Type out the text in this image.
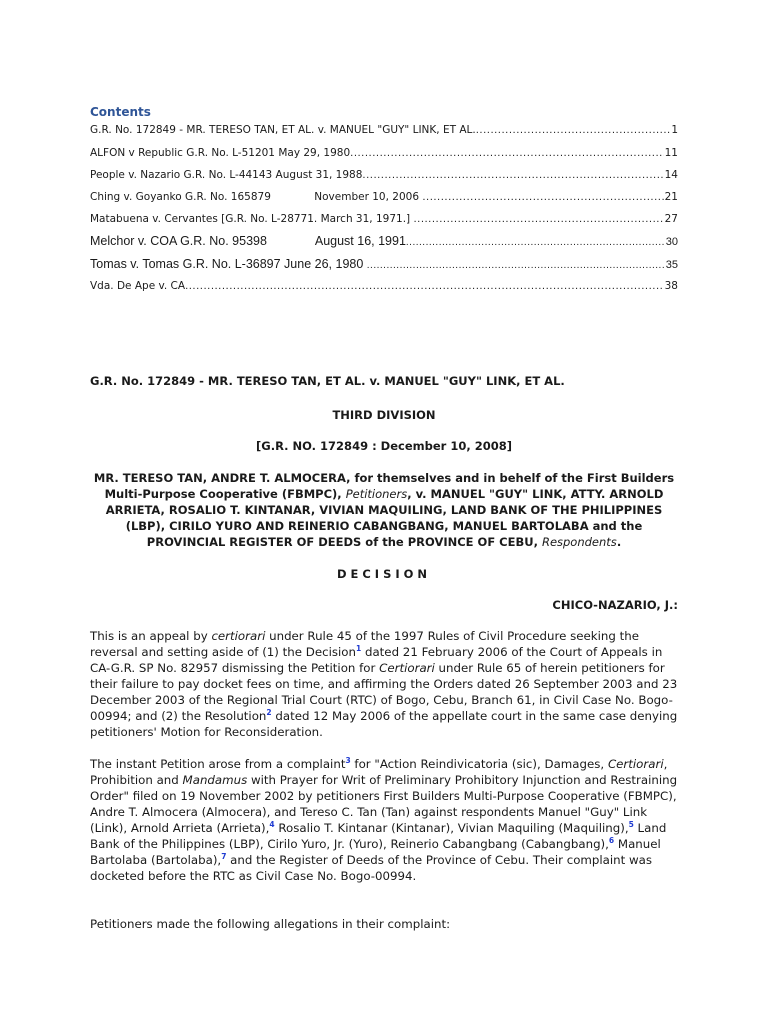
Contents
G.R. No. 172849 - MR. TERESO TAN, ET AL. v. MANUEL "GUY" LINK, ET AL. .....	1
ALFON v Republic G.R. No. L-51201 May 29, 1980 .....	11
People v. Nazario G.R. No. L-44143 August 31, 1988 .....	14
Ching v. Goyanko G.R. No. 165879             November 10, 2006 .....	21
Matabuena v. Cervantes [G.R. No. L-28771. March 31, 1971.] .....	27
Melchor v. COA G.R. No. 95398              August 16, 1991 .....	30
Tomas v. Tomas G.R. No. L-36897 June 26, 1980 .....	35
Vda. De Ape v. CA .....	38
G.R. No. 172849 - MR. TERESO TAN, ET AL. v. MANUEL "GUY" LINK, ET AL.
THIRD DIVISION
[G.R. NO. 172849 : December 10, 2008]
MR. TERESO TAN, ANDRE T. ALMOCERA, for themselves and in behelf of the First Builders Multi-Purpose Cooperative (FBMPC), Petitioners, v. MANUEL "GUY" LINK, ATTY. ARNOLD ARRIETA, ROSALIO T. KINTANAR, VIVIAN MAQUILING, LAND BANK OF THE PHILIPPINES (LBP), CIRILO YURO AND REINERIO CABANGBANG, MANUEL BARTOLABA and the PROVINCIAL REGISTER OF DEEDS of the PROVINCE OF CEBU, Respondents.
DECISION
CHICO-NAZARIO, J.:
This is an appeal by certiorari under Rule 45 of the 1997 Rules of Civil Procedure seeking the reversal and setting aside of (1) the Decision$^1$ dated 21 February 2006 of the Court of Appeals in CA-G.R. SP No. 82957 dismissing the Petition for Certiorari under Rule 65 of herein petitioners for their failure to pay docket fees on time, and affirming the Orders dated 26 September 2003 and 23 December 2003 of the Regional Trial Court (RTC) of Bogo, Cebu, Branch 61, in Civil Case No. Bogo-00994; and (2) the Resolution$^2$ dated 12 May 2006 of the appellate court in the same case denying petitioners' Motion for Reconsideration.
The instant Petition arose from a complaint$^3$ for "Action Reindivicatoria (sic), Damages, Certiorari, Prohibition and Mandamus with Prayer for Writ of Preliminary Prohibitory Injunction and Restraining Order" filed on 19 November 2002 by petitioners First Builders Multi-Purpose Cooperative (FBMPC), Andre T. Almocera (Almocera), and Tereso C. Tan (Tan) against respondents Manuel "Guy" Link (Link), Arnold Arrieta (Arrieta),$^4$ Rosalio T. Kintanar (Kintanar), Vivian Maquiling (Maquiling),$^5$ Land Bank of the Philippines (LBP), Cirilo Yuro, Jr. (Yuro), Reinerio Cabangbang (Cabangbang),$^6$ Manuel Bartolaba (Bartolaba),$^7$ and the Register of Deeds of the Province of Cebu. Their complaint was docketed before the RTC as Civil Case No. Bogo-00994.
Petitioners made the following allegations in their complaint:
